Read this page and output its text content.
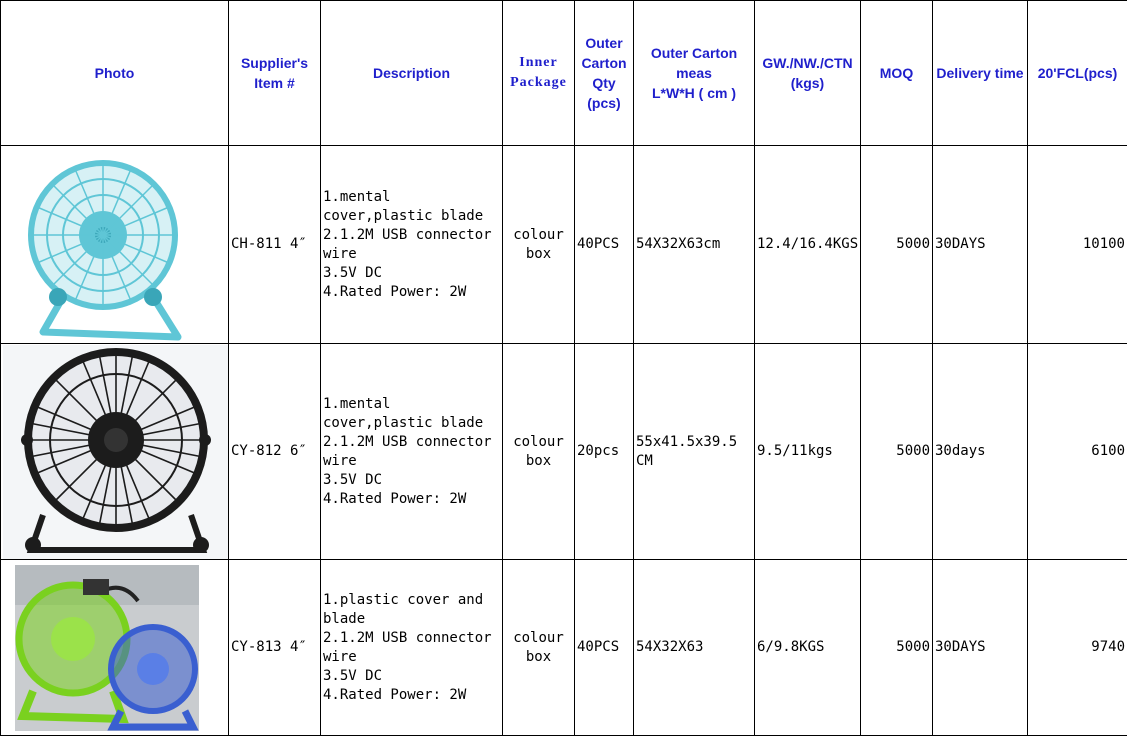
Photo	Supplier's
Item #	Description	Inner
Package	Outer
Carton
Qty
(pcs)	Outer Carton
meas
L*W*H ( cm )	GW./NW./CTN
(kgs)	MOQ	Delivery time	20'FCL(pcs)

	CH-811 4″	1.mental cover,plastic blade
2.1.2M USB connector wire
3.5V DC
4.Rated Power: 2W	colour
box	40PCS	54X32X63cm	12.4/16.4KGS	5000	30DAYS	10100

	CY-812 6″	1.mental cover,plastic blade
2.1.2M USB connector wire
3.5V DC
4.Rated Power: 2W	colour
box	20pcs	55x41.5x39.5 CM	9.5/11kgs	5000	30days	6100

	CY-813 4″	1.plastic cover and blade
2.1.2M USB connector wire
3.5V DC
4.Rated Power: 2W	colour
box	40PCS	54X32X63	6/9.8KGS	5000	30DAYS	9740
